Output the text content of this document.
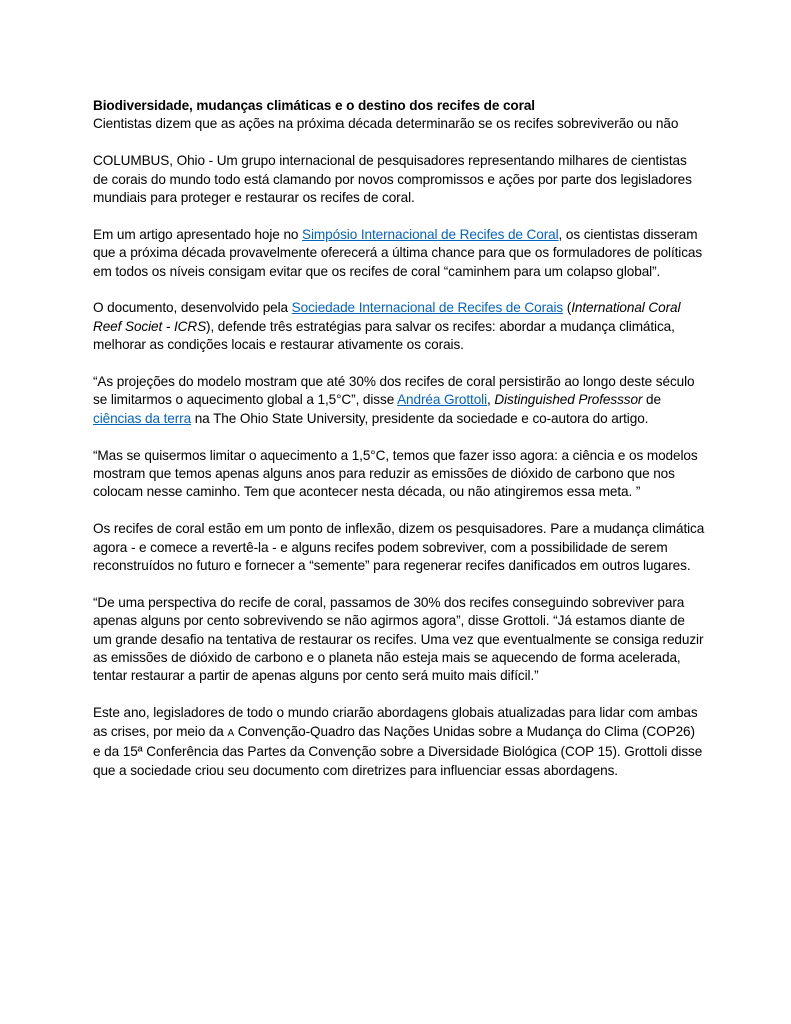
Biodiversidade, mudanças climáticas e o destino dos recifes de coral
Cientistas dizem que as ações na próxima década determinarão se os recifes sobreviverão ou não

COLUMBUS, Ohio - Um grupo internacional de pesquisadores representando milhares de cientistas de corais do mundo todo está clamando por novos compromissos e ações por parte dos legisladores mundiais para proteger e restaurar os recifes de coral.

Em um artigo apresentado hoje no Simpósio Internacional de Recifes de Coral, os cientistas disseram que a próxima década provavelmente oferecerá a última chance para que os formuladores de políticas em todos os níveis consigam evitar que os recifes de coral “caminhem para um colapso global”.

O documento, desenvolvido pela Sociedade Internacional de Recifes de Corais (International Coral Reef Societ - ICRS), defende três estratégias para salvar os recifes: abordar a mudança climática, melhorar as condições locais e restaurar ativamente os corais.

“As projeções do modelo mostram que até 30% dos recifes de coral persistirão ao longo deste século se limitarmos o aquecimento global a 1,5°C”, disse Andréa Grottoli, Distinguished Professsor de ciências da terra na The Ohio State University, presidente da sociedade e co-autora do artigo.

“Mas se quisermos limitar o aquecimento a 1,5°C, temos que fazer isso agora: a ciência e os modelos mostram que temos apenas alguns anos para reduzir as emissões de dióxido de carbono que nos colocam nesse caminho. Tem que acontecer nesta década, ou não atingiremos essa meta. ”

Os recifes de coral estão em um ponto de inflexão, dizem os pesquisadores. Pare a mudança climática agora - e comece a revertê-la - e alguns recifes podem sobreviver, com a possibilidade de serem reconstruídos no futuro e fornecer a “semente” para regenerar recifes danificados em outros lugares.

“De uma perspectiva do recife de coral, passamos de 30% dos recifes conseguindo sobreviver para apenas alguns por cento sobrevivendo se não agirmos agora”, disse Grottoli. “Já estamos diante de um grande desafio na tentativa de restaurar os recifes. Uma vez que eventualmente se consiga reduzir as emissões de dióxido de carbono e o planeta não esteja mais se aquecendo de forma acelerada, tentar restaurar a partir de apenas alguns por cento será muito mais difícil.”

Este ano, legisladores de todo o mundo criarão abordagens globais atualizadas para lidar com ambas as crises, por meio da A Convenção-Quadro das Nações Unidas sobre a Mudança do Clima (COP26) e da 15ª Conferência das Partes da Convenção sobre a Diversidade Biológica (COP 15). Grottoli disse que a sociedade criou seu documento com diretrizes para influenciar essas abordagens.
